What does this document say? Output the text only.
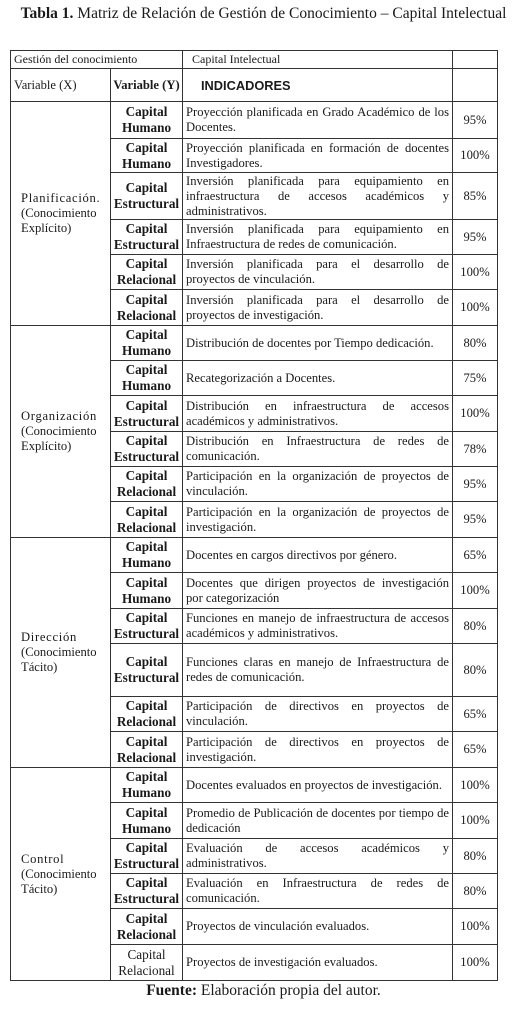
Tabla 1. Matriz de Relación de Gestión de Conocimiento – Capital Intelectual
Gestión del conocimiento		Capital Intelectual	
Variable (X)	Variable (Y)	INDICADORES	
Planificación.
(Conocimiento Explícito)	Capital Humano	Proyección planificada en Grado Académico de los Docentes.	95%
	Capital Humano	Proyección planificada en formación de docentes Investigadores.	100%
	Capital Estructural	Inversión planificada para equipamiento en infraestructura de accesos académicos y administrativos.	85%
	Capital Estructural	Inversión planificada para equipamiento en Infraestructura de redes de comunicación.	95%
	Capital Relacional	Inversión planificada para el desarrollo de proyectos de vinculación.	100%
	Capital Relacional	Inversión planificada para el desarrollo de proyectos de investigación.	100%
Organización
(Conocimiento Explícito)	Capital Humano	Distribución de docentes por Tiempo dedicación.	80%
	Capital Humano	Recategorización a Docentes.	75%
	Capital Estructural	Distribución en infraestructura de accesos académicos y administrativos.	100%
	Capital Estructural	Distribución en Infraestructura de redes de comunicación.	78%
	Capital Relacional	Participación en la organización de proyectos de vinculación.	95%
	Capital Relacional	Participación en la organización de proyectos de investigación.	95%
Dirección
(Conocimiento Tácito)	Capital Humano	Docentes en cargos directivos por género.	65%
	Capital Humano	Docentes que dirigen proyectos de investigación por categorización	100%
	Capital Estructural	Funciones en manejo de infraestructura de accesos académicos y administrativos.	80%
	Capital Estructural	Funciones claras en manejo de Infraestructura de redes de comunicación.	80%
	Capital Relacional	Participación de directivos en proyectos de vinculación.	65%
	Capital Relacional	Participación de directivos en proyectos de investigación.	65%
Control
(Conocimiento Tácito)	Capital Humano	Docentes evaluados en proyectos de investigación.	100%
	Capital Humano	Promedio de Publicación de docentes por tiempo de dedicación	100%
	Capital Estructural	Evaluación de accesos académicos y administrativos.	80%
	Capital Estructural	Evaluación en Infraestructura de redes de comunicación.	80%
	Capital Relacional	Proyectos de vinculación evaluados.	100%
	Capital Relacional	Proyectos de investigación evaluados.	100%
Fuente: Elaboración propia del autor.
